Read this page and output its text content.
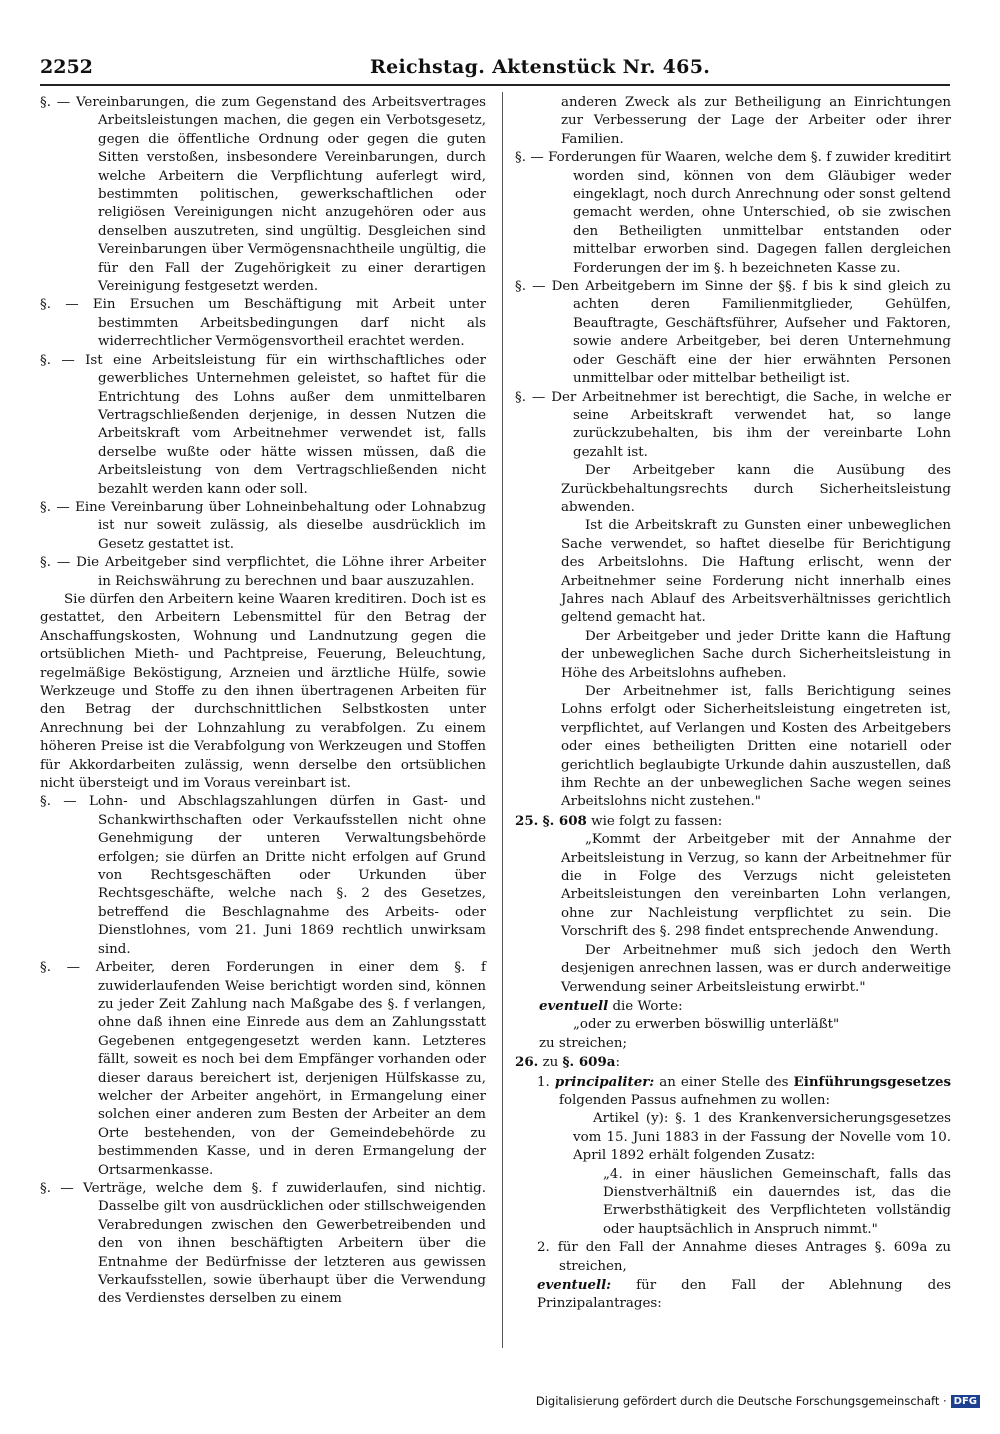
2252	Reichstag. Aktenstück Nr. 465.

§. — Vereinbarungen, die zum Gegenstand des Arbeitsvertrages Arbeitsleistungen machen, die gegen ein Verbotsgesetz, gegen die öffentliche Ordnung oder gegen die guten Sitten verstoßen, insbesondere Vereinbarungen, durch welche Arbeitern die Verpflichtung auferlegt wird, bestimmten politischen, gewerkschaftlichen oder religiösen Vereinigungen nicht anzugehören oder aus denselben auszutreten, sind ungültig. Desgleichen sind Vereinbarungen über Vermögensnachtheile ungültig, die für den Fall der Zugehörigkeit zu einer derartigen Vereinigung festgesetzt werden.

§. — Ein Ersuchen um Beschäftigung mit Arbeit unter bestimmten Arbeitsbedingungen darf nicht als widerrechtlicher Vermögensvortheil erachtet werden.

§. — Ist eine Arbeitsleistung für ein wirthschaftliches oder gewerbliches Unternehmen geleistet, so haftet für die Entrichtung des Lohns außer dem unmittelbaren Vertragschließenden derjenige, in dessen Nutzen die Arbeitskraft vom Arbeitnehmer verwendet ist, falls derselbe wußte oder hätte wissen müssen, daß die Arbeitsleistung von dem Vertragschließenden nicht bezahlt werden kann oder soll.

§. — Eine Vereinbarung über Lohneinbehaltung oder Lohnabzug ist nur soweit zulässig, als dieselbe ausdrücklich im Gesetz gestattet ist.

§. — Die Arbeitgeber sind verpflichtet, die Löhne ihrer Arbeiter in Reichswährung zu berechnen und baar auszuzahlen.

Sie dürfen den Arbeitern keine Waaren kreditiren. Doch ist es gestattet, den Arbeitern Lebensmittel für den Betrag der Anschaffungskosten, Wohnung und Landnutzung gegen die ortsüblichen Mieth- und Pachtpreise, Feuerung, Beleuchtung, regelmäßige Beköstigung, Arzneien und ärztliche Hülfe, sowie Werkzeuge und Stoffe zu den ihnen übertragenen Arbeiten für den Betrag der durchschnittlichen Selbstkosten unter Anrechnung bei der Lohnzahlung zu verabfolgen. Zu einem höheren Preise ist die Verabfolgung von Werkzeugen und Stoffen für Akkordarbeiten zulässig, wenn derselbe den ortsüblichen nicht übersteigt und im Voraus vereinbart ist.

§. — Lohn- und Abschlagszahlungen dürfen in Gast- und Schankwirthschaften oder Verkaufsstellen nicht ohne Genehmigung der unteren Verwaltungsbehörde erfolgen; sie dürfen an Dritte nicht erfolgen auf Grund von Rechtsgeschäften oder Urkunden über Rechtsgeschäfte, welche nach §. 2 des Gesetzes, betreffend die Beschlagnahme des Arbeits- oder Dienstlohnes, vom 21. Juni 1869 rechtlich unwirksam sind.

§. — Arbeiter, deren Forderungen in einer dem §. f zuwiderlaufenden Weise berichtigt worden sind, können zu jeder Zeit Zahlung nach Maßgabe des §. f verlangen, ohne daß ihnen eine Einrede aus dem an Zahlungsstatt Gegebenen entgegengesetzt werden kann. Letzteres fällt, soweit es noch bei dem Empfänger vorhanden oder dieser daraus bereichert ist, derjenigen Hülfskasse zu, welcher der Arbeiter angehört, in Ermangelung einer solchen einer anderen zum Besten der Arbeiter an dem Orte bestehenden, von der Gemeindebehörde zu bestimmenden Kasse, und in deren Ermangelung der Ortsarmenkasse.

§. — Verträge, welche dem §. f zuwiderlaufen, sind nichtig. Dasselbe gilt von ausdrücklichen oder stillschweigenden Verabredungen zwischen den Gewerbetreibenden und den von ihnen beschäftigten Arbeitern über die Entnahme der Bedürfnisse der letzteren aus gewissen Verkaufsstellen, sowie überhaupt über die Verwendung des Verdienstes derselben zu einem

anderen Zweck als zur Betheiligung an Einrichtungen zur Verbesserung der Lage der Arbeiter oder ihrer Familien.

§. — Forderungen für Waaren, welche dem §. f zuwider kreditirt worden sind, können von dem Gläubiger weder eingeklagt, noch durch Anrechnung oder sonst geltend gemacht werden, ohne Unterschied, ob sie zwischen den Betheiligten unmittelbar entstanden oder mittelbar erworben sind. Dagegen fallen dergleichen Forderungen der im §. h bezeichneten Kasse zu.

§. — Den Arbeitgebern im Sinne der §§. f bis k sind gleich zu achten deren Familienmitglieder, Gehülfen, Beauftragte, Geschäftsführer, Aufseher und Faktoren, sowie andere Arbeitgeber, bei deren Unternehmung oder Geschäft eine der hier erwähnten Personen unmittelbar oder mittelbar betheiligt ist.

§. — Der Arbeitnehmer ist berechtigt, die Sache, in welche er seine Arbeitskraft verwendet hat, so lange zurückzubehalten, bis ihm der vereinbarte Lohn gezahlt ist.

Der Arbeitgeber kann die Ausübung des Zurückbehaltungsrechts durch Sicherheitsleistung abwenden.

Ist die Arbeitskraft zu Gunsten einer unbeweglichen Sache verwendet, so haftet dieselbe für Berichtigung des Arbeitslohns. Die Haftung erlischt, wenn der Arbeitnehmer seine Forderung nicht innerhalb eines Jahres nach Ablauf des Arbeitsverhältnisses gerichtlich geltend gemacht hat.

Der Arbeitgeber und jeder Dritte kann die Haftung der unbeweglichen Sache durch Sicherheitsleistung in Höhe des Arbeitslohns aufheben.

Der Arbeitnehmer ist, falls Berichtigung seines Lohns erfolgt oder Sicherheitsleistung eingetreten ist, verpflichtet, auf Verlangen und Kosten des Arbeitgebers oder eines betheiligten Dritten eine notariell oder gerichtlich beglaubigte Urkunde dahin auszustellen, daß ihm Rechte an der unbeweglichen Sache wegen seines Arbeitslohns nicht zustehen."

25. §. 608 wie folgt zu fassen:

„Kommt der Arbeitgeber mit der Annahme der Arbeitsleistung in Verzug, so kann der Arbeitnehmer für die in Folge des Verzugs nicht geleisteten Arbeitsleistungen den vereinbarten Lohn verlangen, ohne zur Nachleistung verpflichtet zu sein. Die Vorschrift des §. 298 findet entsprechende Anwendung.

Der Arbeitnehmer muß sich jedoch den Werth desjenigen anrechnen lassen, was er durch anderweitige Verwendung seiner Arbeitsleistung erwirbt."

eventuell die Worte:

„oder zu erwerben böswillig unterläßt"

zu streichen;

26. zu §. 609a:

1. principaliter: an einer Stelle des Einführungsgesetzes folgenden Passus aufnehmen zu wollen:

Artikel (y): §. 1 des Krankenversicherungsgesetzes vom 15. Juni 1883 in der Fassung der Novelle vom 10. April 1892 erhält folgenden Zusatz:

„4. in einer häuslichen Gemeinschaft, falls das Dienstverhältniß ein dauerndes ist, das die Erwerbsthätigkeit des Verpflichteten vollständig oder hauptsächlich in Anspruch nimmt."

2. für den Fall der Annahme dieses Antrages §. 609a zu streichen,

eventuell: für den Fall der Ablehnung des Prinzipalantrages:

Digitalisierung gefördert durch die Deutsche Forschungsgemeinschaft · DFG
